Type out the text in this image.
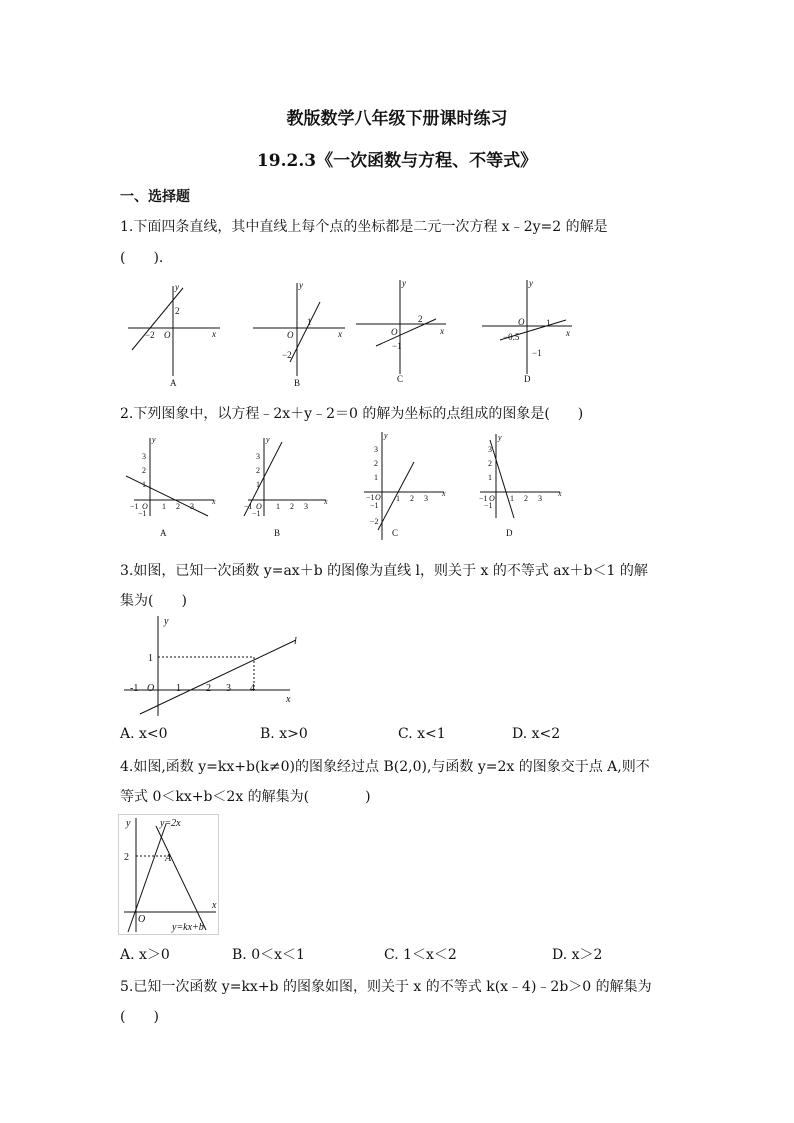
教版数学八年级下册课时练习
19.2.3《一次函数与方程、不等式》
一、选择题
1.下面四条直线，其中直线上每个点的坐标都是二元一次方程 x﹣2y=2 的解是
(　　).
x
y
2
−2 O
A
x
y
1
−2
O
B
x
y
2
−1
O
C
x
y
1
−0.5
−1
O
D
2.下列图象中，以方程﹣2x＋y﹣2＝0 的解为坐标的点组成的图象是(　　)
x
y
3
2
1
−1
−1 O 1 2 3
A
x
y
3
2
1
−1
−1 O 1 2 3
B
x
y
3
2
1
−1
−2
−1 O 1 2 3
C
x
y
3
2
1
−1
−1 O 1 2 3
D
3.如图，已知一次函数 y=ax＋b 的图像为直线 l，则关于 x 的不等式 ax＋b＜1 的解
集为(　　)
x
y
l
1
-1 O 1	2 3 4
A. x<0	B. x>0	C. x<1	D. x<2
4.如图,函数 y=kx+b(k≠0)的图象经过点 B(2,0),与函数 y=2x 的图象交于点 A,则不
等式 0＜kx+b＜2x 的解集为(　　　　)
x
y	y=2x
y=kx+b
A
2
O
A. x＞0	B. 0＜x＜1	C. 1＜x＜2	D. x＞2
5.已知一次函数 y=kx+b 的图象如图，则关于 x 的不等式 k(x﹣4)﹣2b＞0 的解集为
(　　)
